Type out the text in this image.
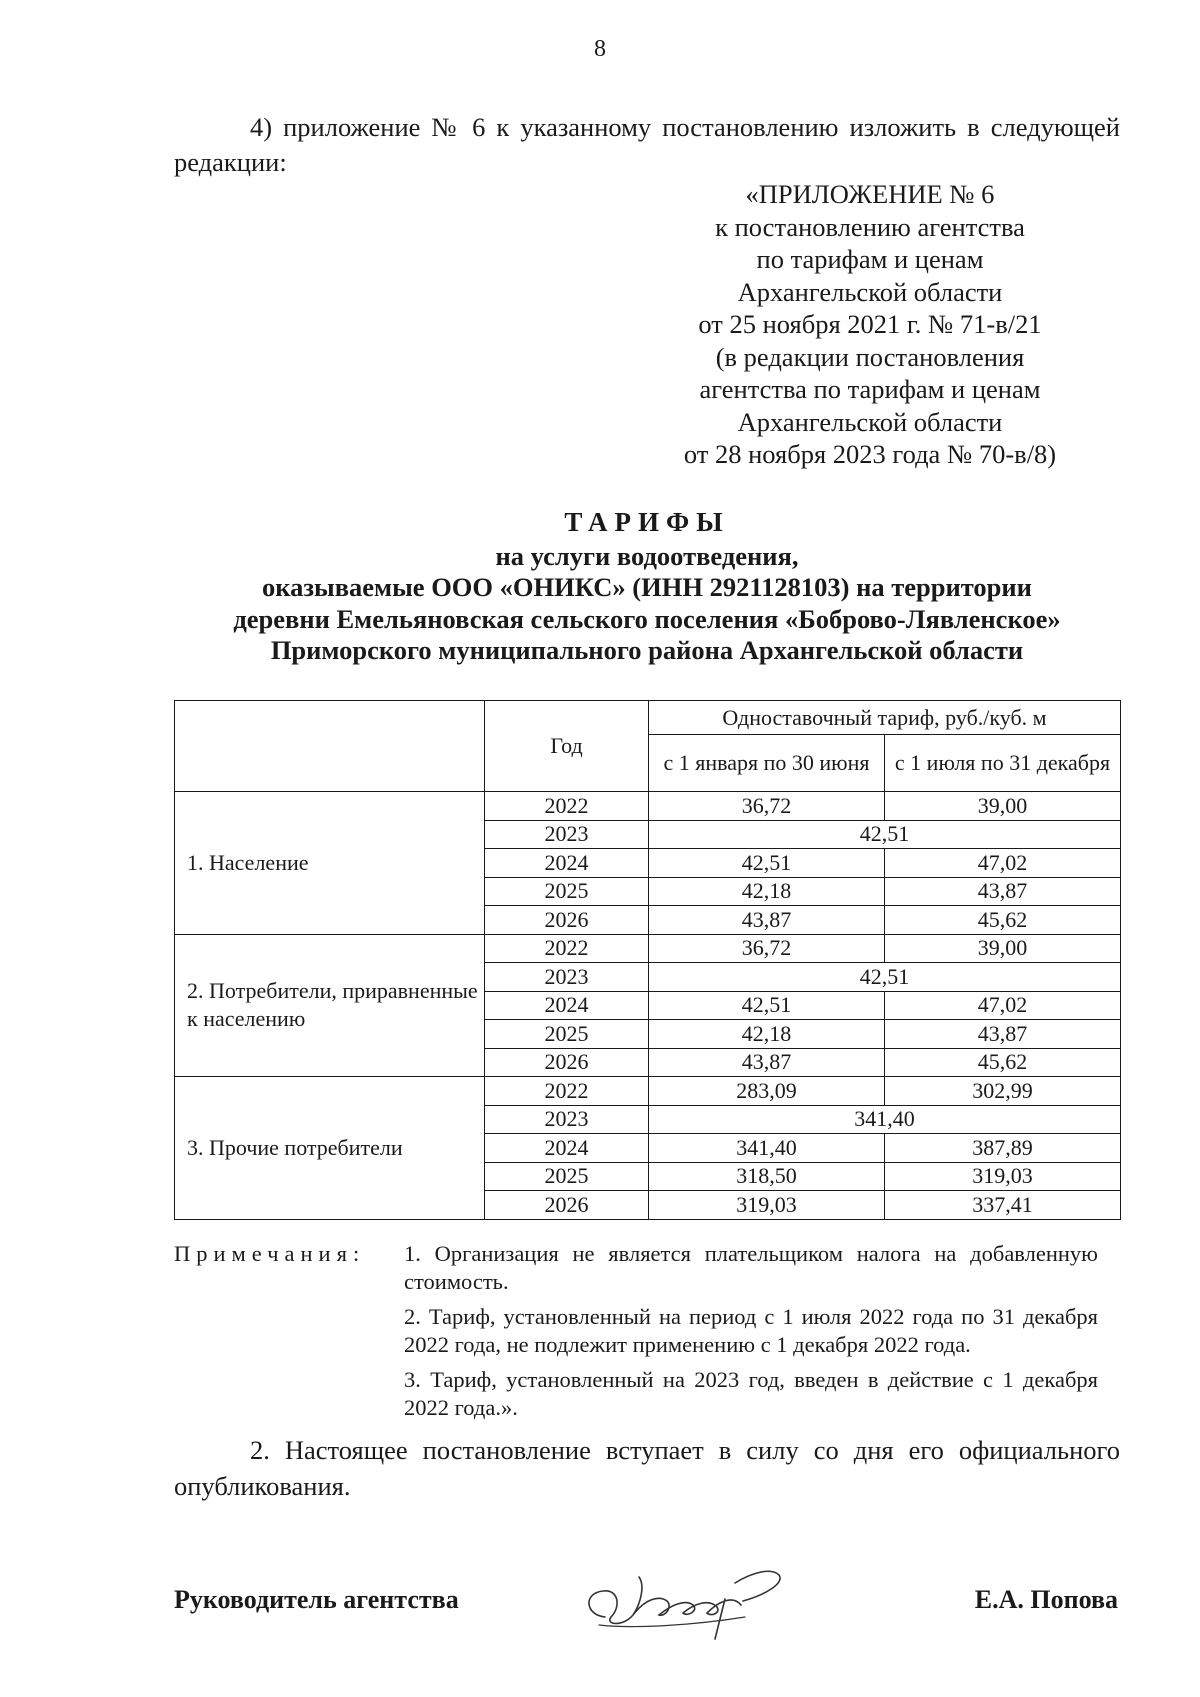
8
4) приложение № 6 к указанному постановлению изложить в следующей редакции:
«ПРИЛОЖЕНИЕ № 6
к постановлению агентства
по тарифам и ценам
Архангельской области
от 25 ноября 2021 г. № 71-в/21
(в редакции постановления
агентства по тарифам и ценам
Архангельской области
от 28 ноября 2023 года № 70-в/8)
ТАРИФЫ
на услуги водоотведения,
оказываемые ООО «ОНИКС» (ИНН 2921128103) на территории
деревни Емельяновская сельского поселения «Боброво-Лявленское»
Приморского муниципального района Архангельской области
	Год	Одноставочный тариф, руб./куб. м	
		с 1 января по 30 июня	с 1 июля по 31 декабря
1. Население	2022	36,72	39,00
	2023	42,51	
	2024	42,51	47,02
	2025	42,18	43,87
	2026	43,87	45,62
2. Потребители, приравненные к населению	2022	36,72	39,00
	2023	42,51	
	2024	42,51	47,02
	2025	42,18	43,87
	2026	43,87	45,62
3. Прочие потребители	2022	283,09	302,99
	2023	341,40	
	2024	341,40	387,89
	2025	318,50	319,03
	2026	319,03	337,41
Примечания: 1. Организация не является плательщиком налога на добавленную стоимость.
2. Тариф, установленный на период с 1 июля 2022 года по 31 декабря 2022 года, не подлежит применению с 1 декабря 2022 года.
3. Тариф, установленный на 2023 год, введен в действие с 1 декабря 2022 года.».
2. Настоящее постановление вступает в силу со дня его официального опубликования.
Руководитель агентства	Е.А. Попова
